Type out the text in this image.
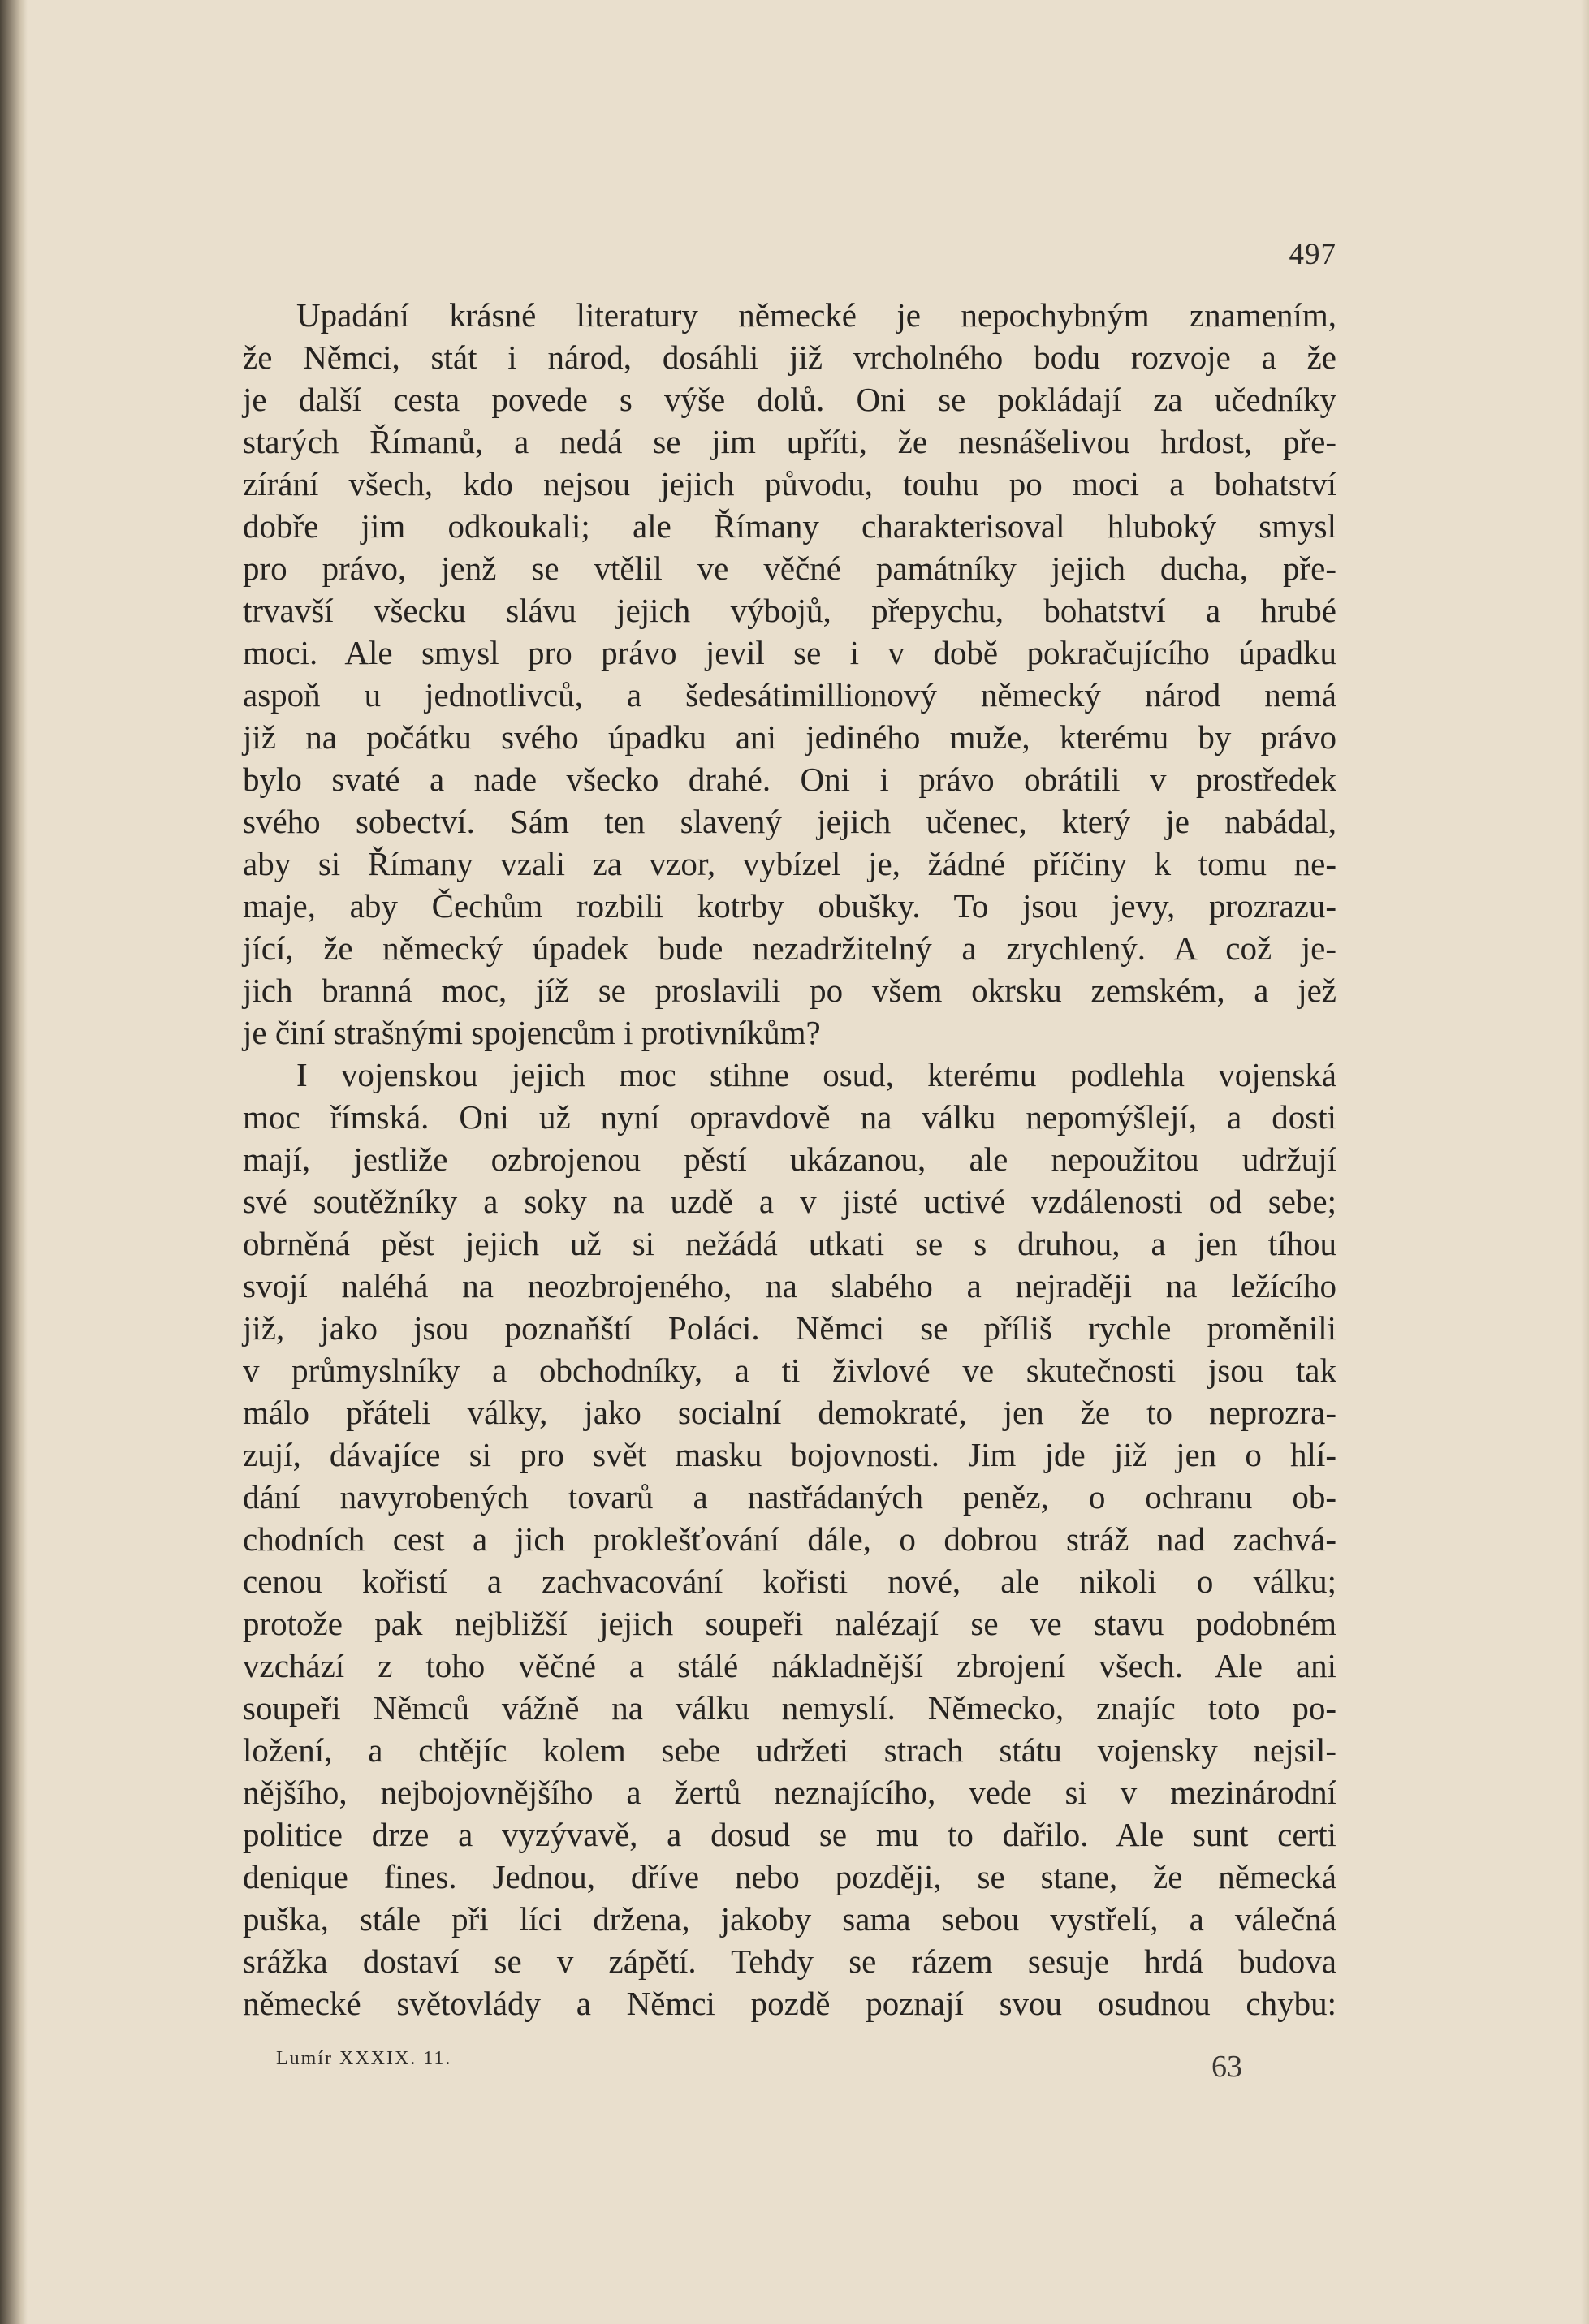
497
Upadání krásné literatury německé je nepochybným znamením,
že Němci, stát i národ, dosáhli již vrcholného bodu rozvoje a že
je další cesta povede s výše dolů. Oni se pokládají za učedníky
starých Římanů, a nedá se jim upříti, že nesnášelivou hrdost, pře-
zírání všech, kdo nejsou jejich původu, touhu po moci a bohatství
dobře jim odkoukali; ale Římany charakterisoval hluboký smysl
pro právo, jenž se vtělil ve věčné památníky jejich ducha, pře-
trvavší všecku slávu jejich výbojů, přepychu, bohatství a hrubé
moci. Ale smysl pro právo jevil se i v době pokračujícího úpadku
aspoň u jednotlivců, a šedesátimillionový německý národ nemá
již na počátku svého úpadku ani jediného muže, kterému by právo
bylo svaté a nade všecko drahé. Oni i právo obrátili v prostředek
svého sobectví. Sám ten slavený jejich učenec, který je nabádal,
aby si Římany vzali za vzor, vybízel je, žádné příčiny k tomu ne-
maje, aby Čechům rozbili kotrby obušky. To jsou jevy, prozrazu-
jící, že německý úpadek bude nezadržitelný a zrychlený. A což je-
jich branná moc, jíž se proslavili po všem okrsku zemském, a jež
je činí strašnými spojencům i protivníkům?
I vojenskou jejich moc stihne osud, kterému podlehla vojenská
moc římská. Oni už nyní opravdově na válku nepomýšlejí, a dosti
mají, jestliže ozbrojenou pěstí ukázanou, ale nepoužitou udržují
své soutěžníky a soky na uzdě a v jisté uctivé vzdálenosti od sebe;
obrněná pěst jejich už si nežádá utkati se s druhou, a jen tíhou
svojí naléhá na neozbrojeného, na slabého a nejraději na ležícího
již, jako jsou poznaňští Poláci. Němci se příliš rychle proměnili
v průmyslníky a obchodníky, a ti živlové ve skutečnosti jsou tak
málo přáteli války, jako socialní demokraté, jen že to neprozra-
zují, dávajíce si pro svět masku bojovnosti. Jim jde již jen o hlí-
dání navyrobených tovarů a nastřádaných peněz, o ochranu ob-
chodních cest a jich proklešťování dále, o dobrou stráž nad zachvá-
cenou kořistí a zachvacování kořisti nové, ale nikoli o válku;
protože pak nejbližší jejich soupeři nalézají se ve stavu podobném
vzchází z toho věčné a stálé nákladnější zbrojení všech. Ale ani
soupeři Němců vážně na válku nemyslí. Německo, znajíc toto po-
ložení, a chtějíc kolem sebe udržeti strach státu vojensky nejsil-
nějšího, nejbojovnějšího a žertů neznajícího, vede si v mezinárodní
politice drze a vyzývavě, a dosud se mu to dařilo. Ale sunt certi
denique fines. Jednou, dříve nebo později, se stane, že německá
puška, stále při líci držena, jakoby sama sebou vystřelí, a válečná
srážka dostaví se v zápětí. Tehdy se rázem sesuje hrdá budova
německé světovlády a Němci pozdě poznají svou osudnou chybu:
Lumír XXXIX. 11.	63
